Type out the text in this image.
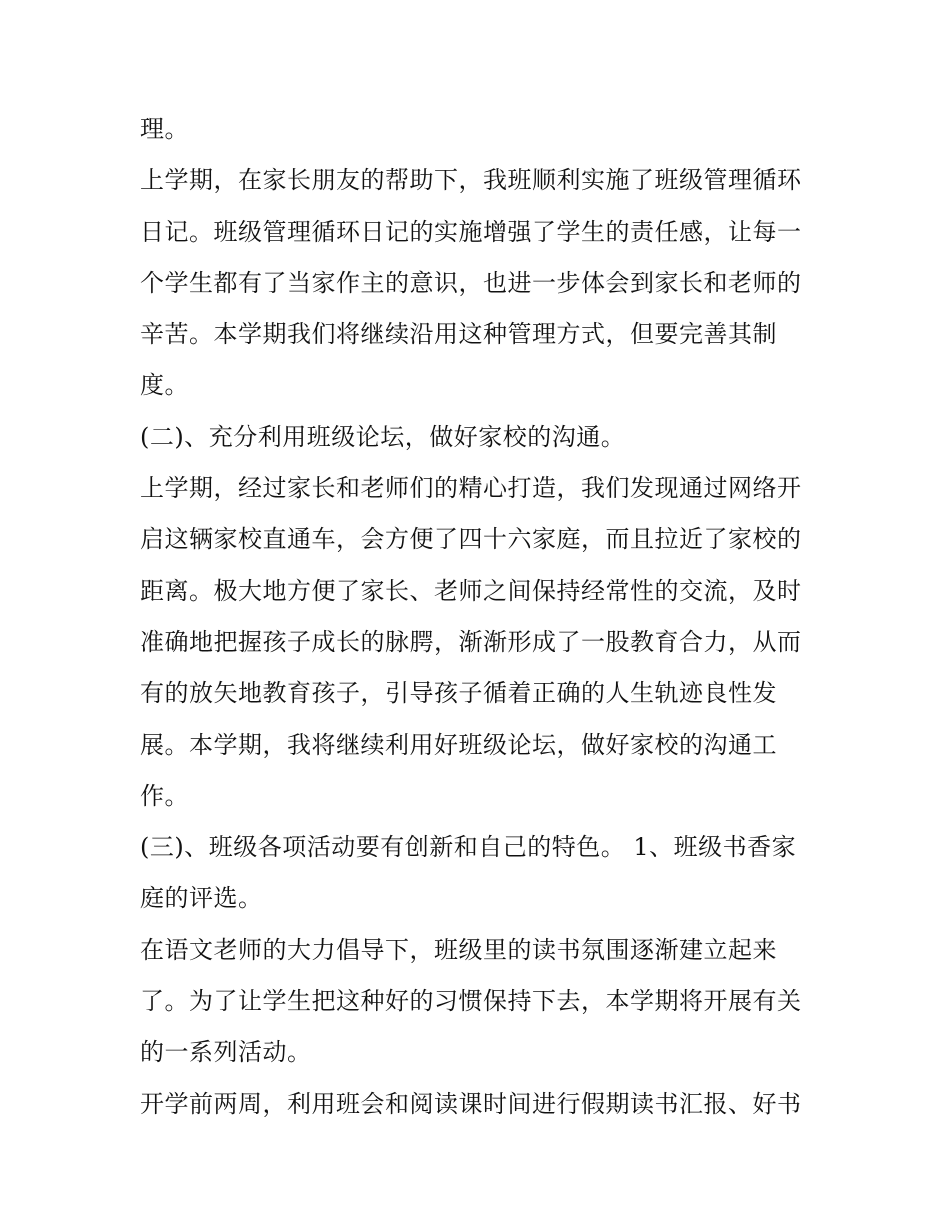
理。
上学期，在家长朋友的帮助下，我班顺利实施了班级管理循环
日记。班级管理循环日记的实施增强了学生的责任感，让每一
个学生都有了当家作主的意识，也进一步体会到家长和老师的
辛苦。本学期我们将继续沿用这种管理方式，但要完善其制
度。
(二)、充分利用班级论坛，做好家校的沟通。
上学期，经过家长和老师们的精心打造，我们发现通过网络开
启这辆家校直通车，会方便了四十六家庭，而且拉近了家校的
距离。极大地方便了家长、老师之间保持经常性的交流，及时
准确地把握孩子成长的脉腭，渐渐形成了一股教育合力，从而
有的放矢地教育孩子，引导孩子循着正确的人生轨迹良性发
展。本学期，我将继续利用好班级论坛，做好家校的沟通工
作。
(三)、班级各项活动要有创新和自己的特色。 1、班级书香家
庭的评选。
在语文老师的大力倡导下，班级里的读书氛围逐渐建立起来
了。为了让学生把这种好的习惯保持下去，本学期将开展有关
的一系列活动。
开学前两周，利用班会和阅读课时间进行假期读书汇报、好书
